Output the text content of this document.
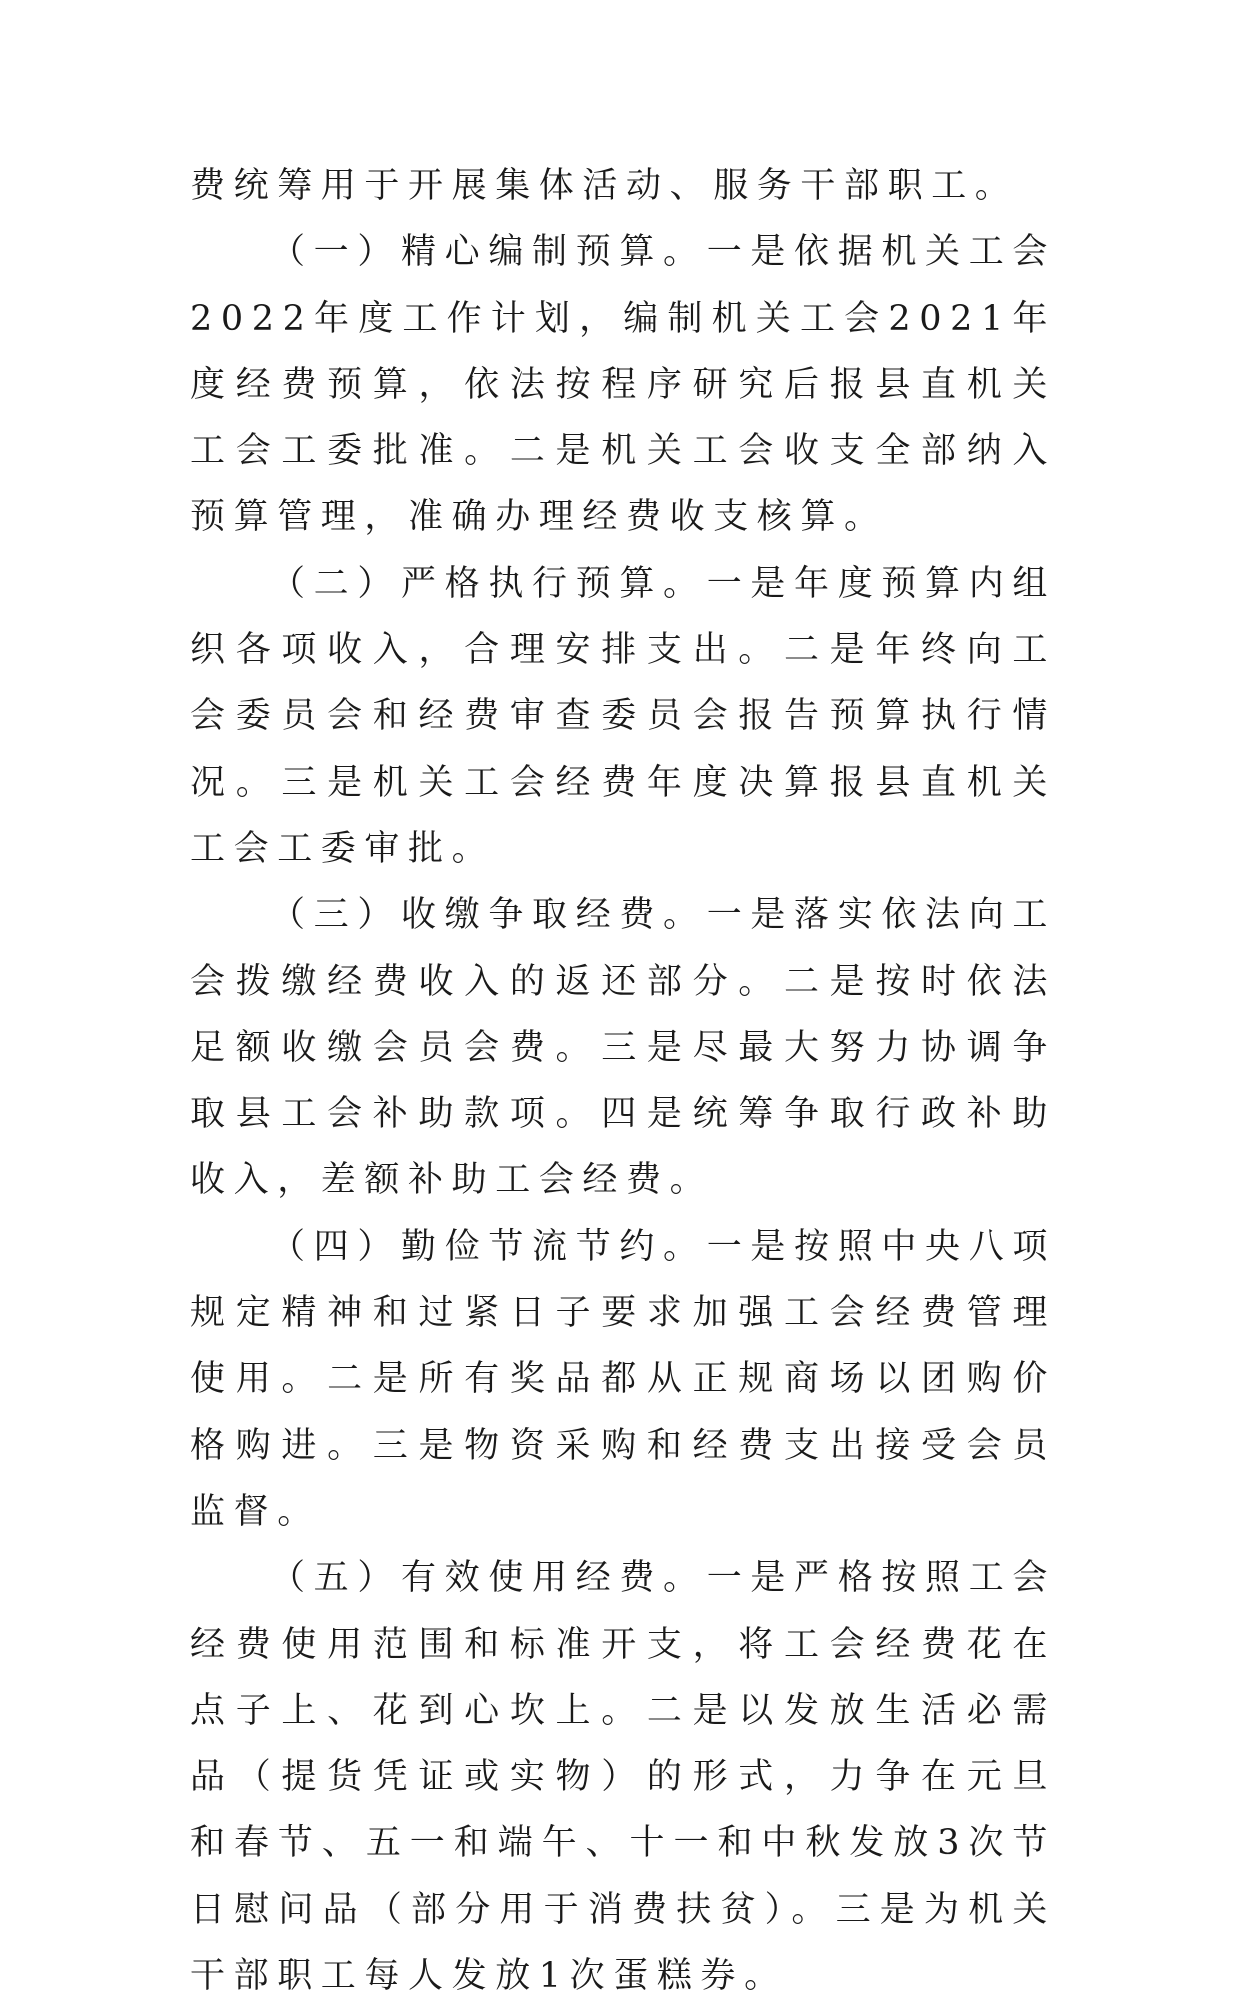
费统筹用于开展集体活动、服务干部职工。

（一）精心编制预算。一是依据机关工会2022年度工作计划，编制机关工会2021年度经费预算，依法按程序研究后报县直机关工会工委批准。二是机关工会收支全部纳入预算管理，准确办理经费收支核算。

（二）严格执行预算。一是年度预算内组织各项收入，合理安排支出。二是年终向工会委员会和经费审查委员会报告预算执行情况。三是机关工会经费年度决算报县直机关工会工委审批。

（三）收缴争取经费。一是落实依法向工会拨缴经费收入的返还部分。二是按时依法足额收缴会员会费。三是尽最大努力协调争取县工会补助款项。四是统筹争取行政补助收入，差额补助工会经费。

（四）勤俭节流节约。一是按照中央八项规定精神和过紧日子要求加强工会经费管理使用。二是所有奖品都从正规商场以团购价格购进。三是物资采购和经费支出接受会员监督。

（五）有效使用经费。一是严格按照工会经费使用范围和标准开支，将工会经费花在点子上、花到心坎上。二是以发放生活必需品（提货凭证或实物）的形式，力争在元旦和春节、五一和端午、十一和中秋发放3次节日慰问品（部分用于消费扶贫）。三是为机关干部职工每人发放1次蛋糕券。
